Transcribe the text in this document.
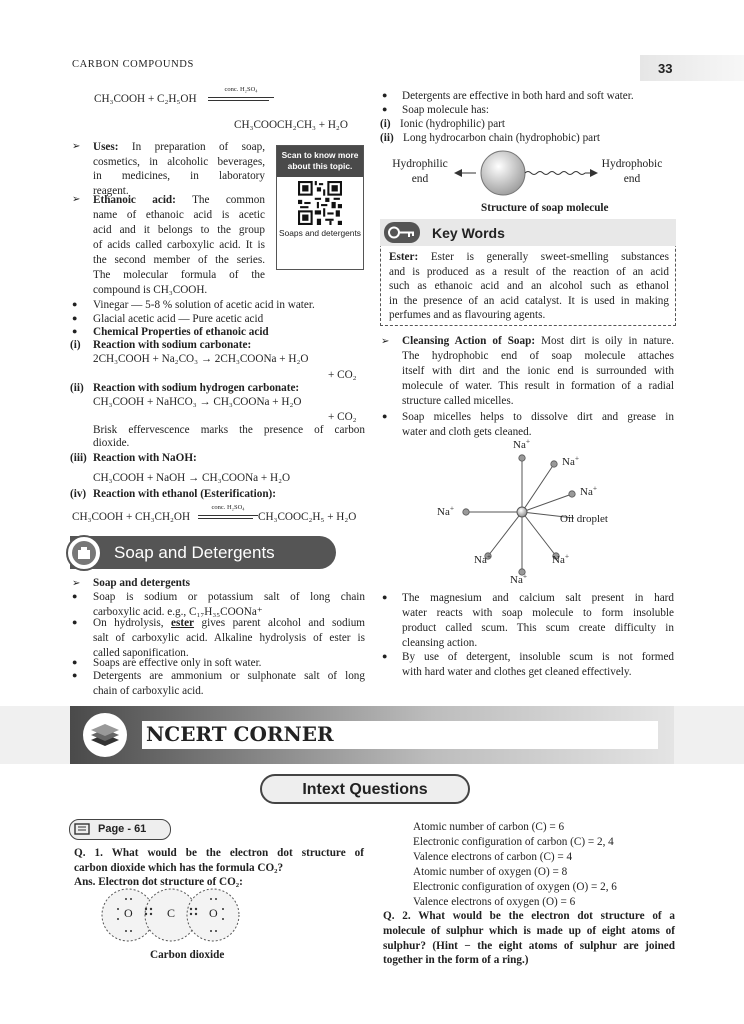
CARBON COMPOUNDS	33
CH₃COOH + C₂H₅OH
conc. H₂SO₄
CH₃COOCH₂CH₃ + H₂O
➢ Uses: In preparation of soap,
cosmetics, in alcoholic beverages,
in medicines, in laboratory
reagent.
➢ Ethanoic acid: The common
name of ethanoic acid is acetic
acid and it belongs to the group
of acids called carboxylic acid. It is
the second member of the series.
The molecular formula of the
compound is CH₃COOH.
Scan to know more about this topic.
Soaps and detergents
● Vinegar — 5-8 % solution of acetic acid in water.
● Glacial acetic acid — Pure acetic acid
● Chemical Properties of ethanoic acid
(i) Reaction with sodium carbonate:
2CH₃COOH + Na₂CO₃ → 2CH₃COONa + H₂O
+ CO₂
(ii) Reaction with sodium hydrogen carbonate:
CH₃COOH + NaHCO₃ → CH₃COONa + H₂O
+ CO₂
Brisk effervescence marks the presence of carbon
dioxide.
(iii) Reaction with NaOH:
CH₃COOH + NaOH → CH₃COONa + H₂O
(iv) Reaction with ethanol (Esterification):
CH₃COOH + CH₃CH₂OH
conc. H₂SO₄
CH₃COOC₂H₅ + H₂O
Soap and Detergents
➢ Soap and detergents
● Soap is sodium or potassium salt of long chain
carboxylic acid. e.g., C₁₇H₃₅COONa⁺
● On hydrolysis, ester gives parent alcohol and sodium
salt of carboxylic acid. Alkaline hydrolysis of ester is
called saponification.
● Soaps are effective only in soft water.
● Detergents are ammonium or sulphonate salt of long
chain of carboxylic acid.
● Detergents are effective in both hard and soft water.
● Soap molecule has:
(i) Ionic (hydrophilic) part
(ii) Long hydrocarbon chain (hydrophobic) part
Hydrophilic
end
Hydrophobic
end
Structure of soap molecule
Key Words
Ester: Ester is generally sweet-smelling substances
and is produced as a result of the reaction of an acid
such as ethanoic acid and an alcohol such as ethanol
in the presence of an acid catalyst. It is used in making
perfumes and as flavouring agents.
➢ Cleansing Action of Soap: Most dirt is oily in nature.
The hydrophobic end of soap molecule attaches
itself with dirt and the ionic end is surrounded with
molecule of water. This result in formation of a radial
structure called micelles.
● Soap micelles helps to dissolve dirt and grease in
water and cloth gets cleaned.
Na+
Na+
Na+
Na+
Oil droplet
Na+	Na+
Na+
● The magnesium and calcium salt present in hard
water reacts with soap molecule to form insoluble
product called scum. This scum create difficulty in
cleansing action.
● By use of detergent, insoluble scum is not formed
with hard water and clothes get cleaned effectively.
NCERT CORNER
Intext Questions
Page - 61
Q. 1. What would be the electron dot structure of
carbon dioxide which has the formula CO₂?
Ans. Electron dot structure of CO₂:
O	C	O
Carbon dioxide
Atomic number of carbon (C) = 6
Electronic configuration of carbon (C) = 2, 4
Valence electrons of carbon (C) = 4
Atomic number of oxygen (O) = 8
Electronic configuration of oxygen (O) = 2, 6
Valence electrons of oxygen (O) = 6
Q. 2. What would be the electron dot structure of a
molecule of sulphur which is made up of eight atoms of
sulphur? (Hint − the eight atoms of sulphur are joined
together in the form of a ring.)
